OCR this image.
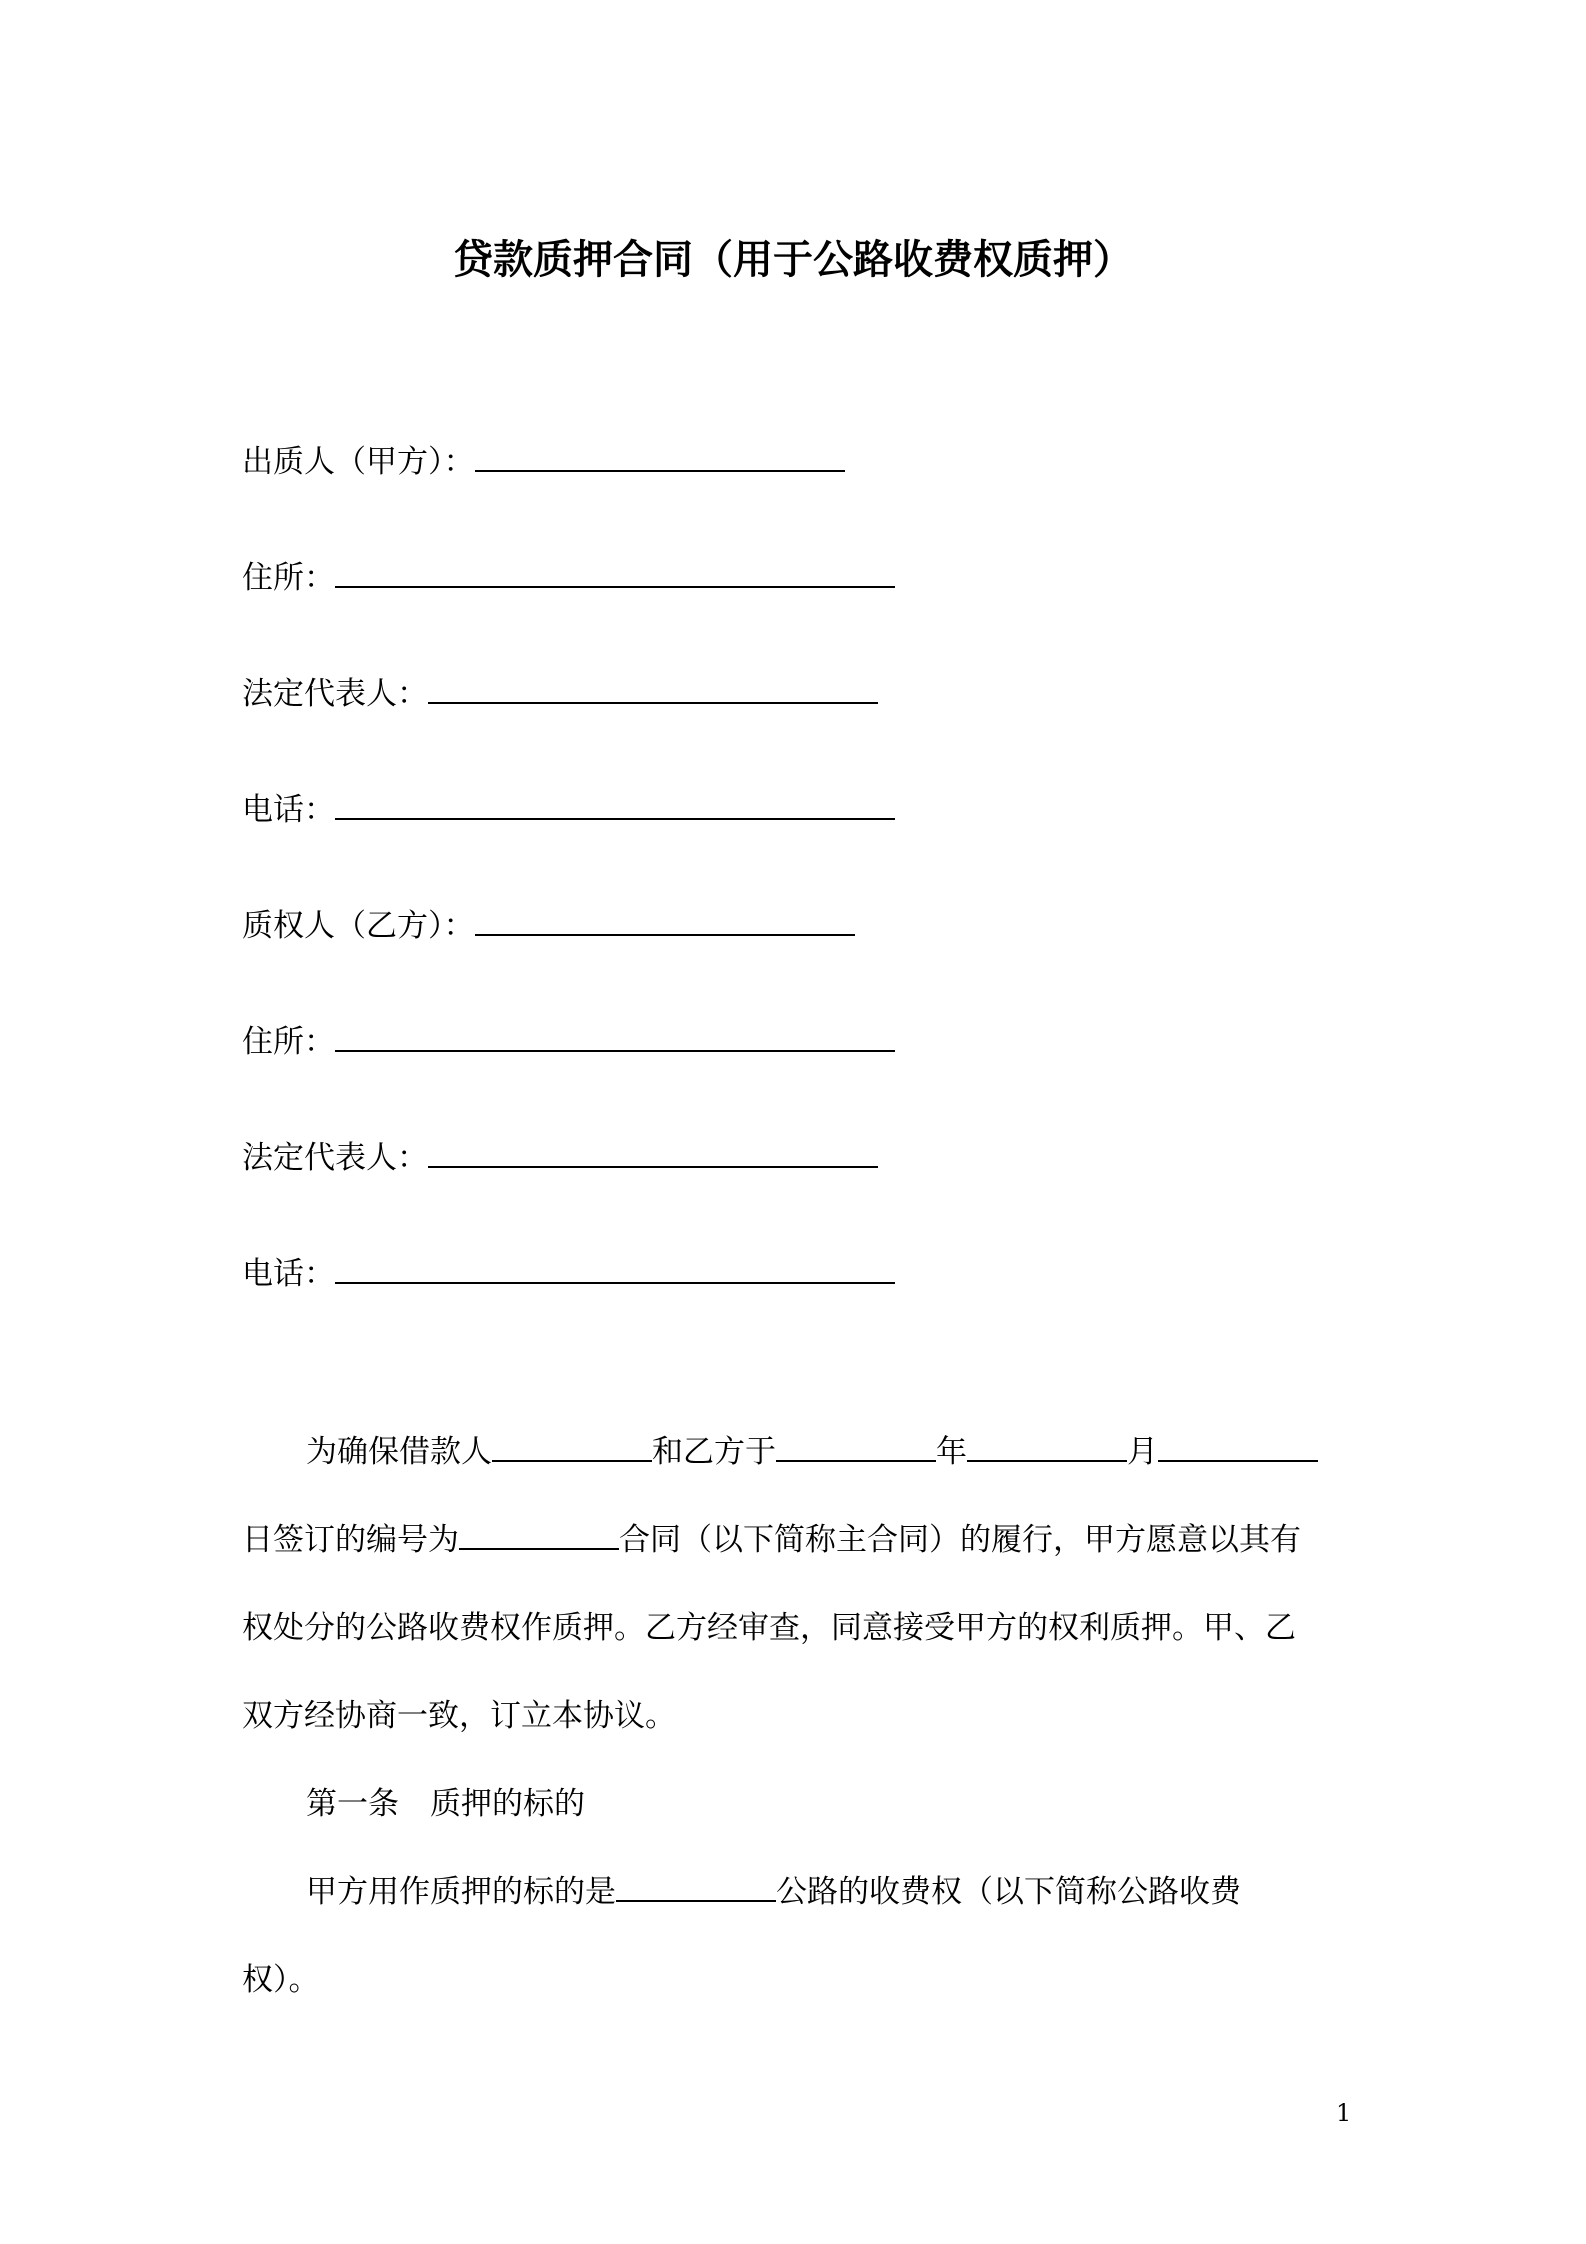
贷款质押合同（用于公路收费权质押）
出质人（甲方）：
住所：
法定代表人：
电话：
质权人（乙方）：
住所：
法定代表人：
电话：
为确保借款人	和乙方于	年	月
日签订的编号为	合同（以下简称主合同）的履行，甲方愿意以其有
权处分的公路收费权作质押。乙方经审查，同意接受甲方的权利质押。甲、乙
双方经协商一致，订立本协议。
第一条　质押的标的
甲方用作质押的标的是	公路的收费权（以下简称公路收费
权）。
1
